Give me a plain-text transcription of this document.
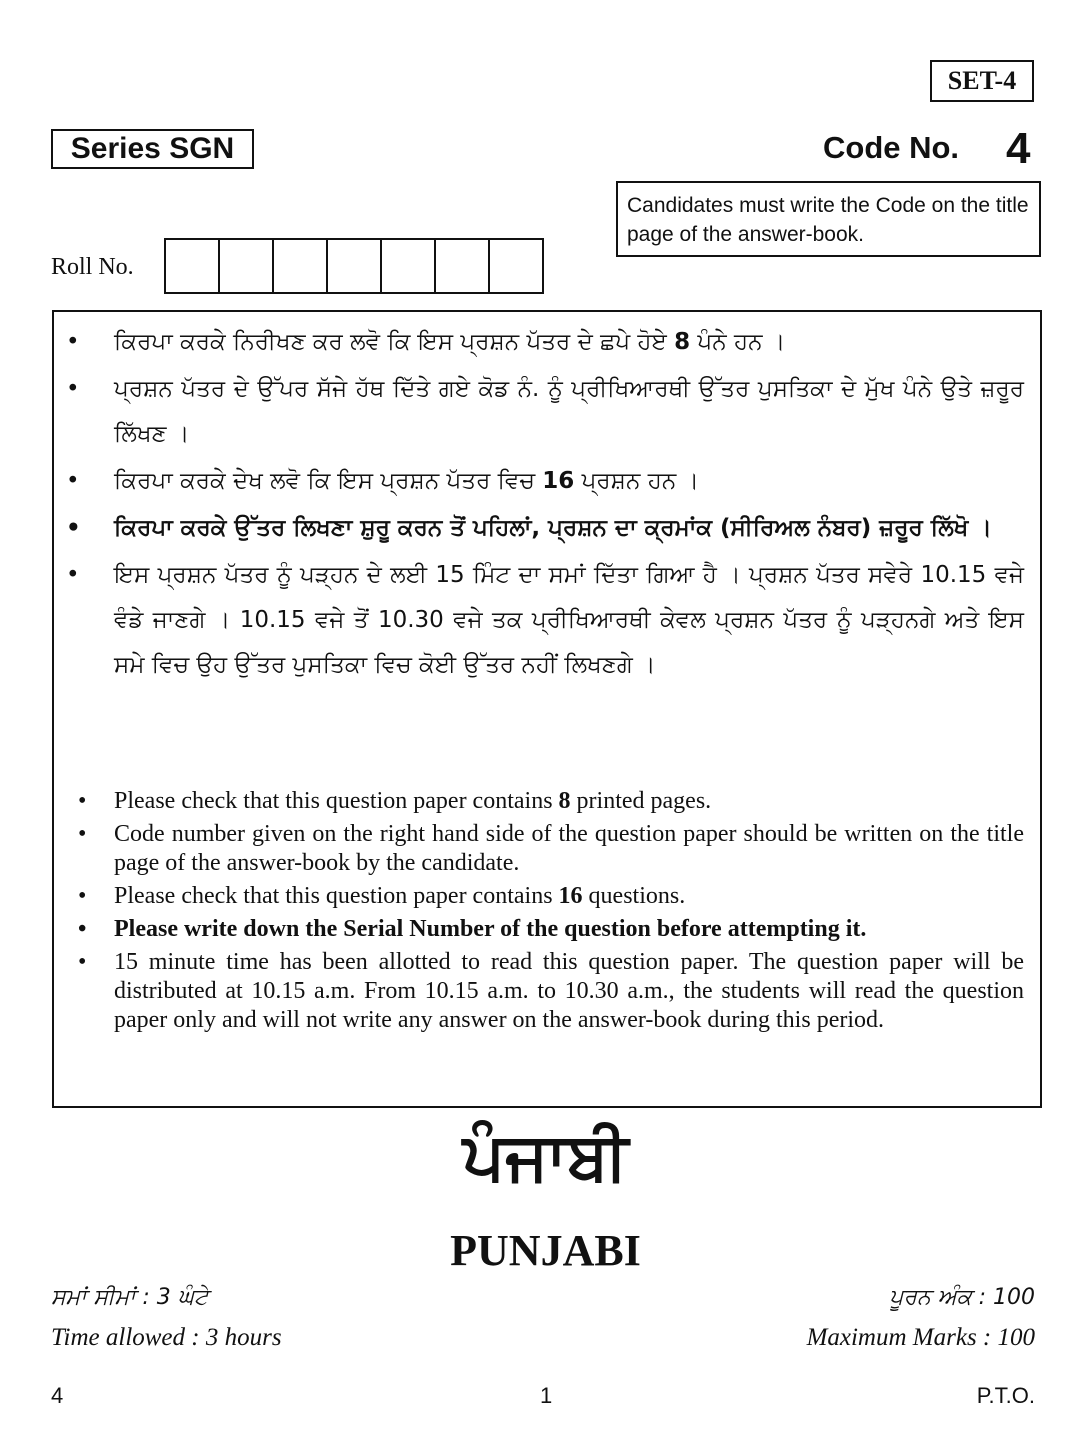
SET-4
Series SGN	Code No. 4
Candidates must write the Code on the title page of the answer-book.
Roll No.
• ਕਿਰਪਾ ਕਰਕੇ ਨਿਰੀਖਣ ਕਰ ਲਵੋ ਕਿ ਇਸ ਪ੍ਰਸ਼ਨ ਪੱਤਰ ਦੇ ਛਪੇ ਹੋਏ 8 ਪੰਨੇ ਹਨ ।
• ਪ੍ਰਸ਼ਨ ਪੱਤਰ ਦੇ ਉੱਪਰ ਸੱਜੇ ਹੱਥ ਦਿੱਤੇ ਗਏ ਕੋਡ ਨੰ. ਨੂੰ ਪ੍ਰੀਖਿਆਰਥੀ ਉੱਤਰ ਪੁਸਤਿਕਾ ਦੇ ਮੁੱਖ ਪੰਨੇ ਉਤੇ ਜ਼ਰੂਰ ਲਿੱਖਣ ।
• ਕਿਰਪਾ ਕਰਕੇ ਦੇਖ ਲਵੋ ਕਿ ਇਸ ਪ੍ਰਸ਼ਨ ਪੱਤਰ ਵਿਚ 16 ਪ੍ਰਸ਼ਨ ਹਨ ।
• ਕਿਰਪਾ ਕਰਕੇ ਉੱਤਰ ਲਿਖਣਾ ਸ਼ੁਰੂ ਕਰਨ ਤੋਂ ਪਹਿਲਾਂ, ਪ੍ਰਸ਼ਨ ਦਾ ਕ੍ਰਮਾਂਕ (ਸੀਰਿਅਲ ਨੰਬਰ) ਜ਼ਰੂਰ ਲਿੱਖੋ ।
• ਇਸ ਪ੍ਰਸ਼ਨ ਪੱਤਰ ਨੂੰ ਪੜ੍ਹਨ ਦੇ ਲਈ 15 ਮਿੰਟ ਦਾ ਸਮਾਂ ਦਿੱਤਾ ਗਿਆ ਹੈ । ਪ੍ਰਸ਼ਨ ਪੱਤਰ ਸਵੇਰੇ 10.15 ਵਜੇ ਵੰਡੇ ਜਾਣਗੇ । 10.15 ਵਜੇ ਤੋਂ 10.30 ਵਜੇ ਤਕ ਪ੍ਰੀਖਿਆਰਥੀ ਕੇਵਲ ਪ੍ਰਸ਼ਨ ਪੱਤਰ ਨੂੰ ਪੜ੍ਹਨਗੇ ਅਤੇ ਇਸ ਸਮੇ ਵਿਚ ਉਹ ਉੱਤਰ ਪੁਸਤਿਕਾ ਵਿਚ ਕੋਈ ਉੱਤਰ ਨਹੀਂ ਲਿਖਣਗੇ ।
• Please check that this question paper contains 8 printed pages.
• Code number given on the right hand side of the question paper should be written on the title page of the answer-book by the candidate.
• Please check that this question paper contains 16 questions.
• Please write down the Serial Number of the question before attempting it.
• 15 minute time has been allotted to read this question paper. The question paper will be distributed at 10.15 a.m. From 10.15 a.m. to 10.30 a.m., the students will read the question paper only and will not write any answer on the answer-book during this period.
ਪੰਜਾਬੀ
PUNJABI
ਸਮਾਂ ਸੀਮਾਂ : 3 ਘੰਟੇ	ਪੂਰਨ ਅੰਕ : 100
Time allowed : 3 hours	Maximum Marks : 100
4	1	P.T.O.
